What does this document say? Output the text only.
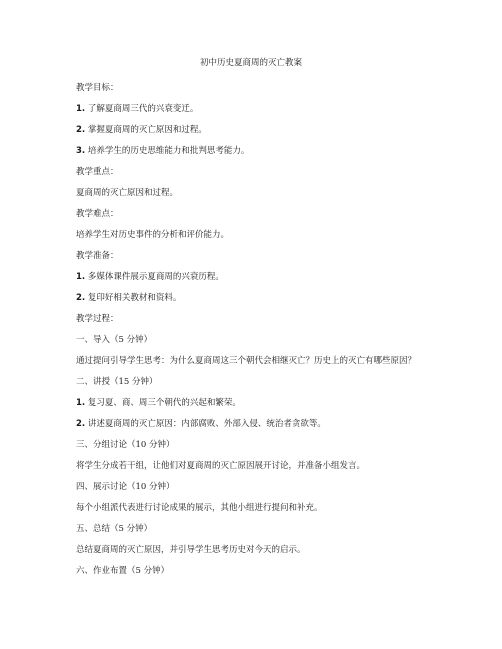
初中历史夏商周的灭亡教案
教学目标：
1. 了解夏商周三代的兴衰变迁。
2. 掌握夏商周的灭亡原因和过程。
3. 培养学生的历史思维能力和批判思考能力。
教学重点：
夏商周的灭亡原因和过程。
教学难点：
培养学生对历史事件的分析和评价能力。
教学准备：
1. 多媒体课件展示夏商周的兴衰历程。
2. 复印好相关教材和资料。
教学过程：
一、导入（5 分钟）
通过提问引导学生思考：为什么夏商周这三个朝代会相继灭亡？历史上的灭亡有哪些原因？
二、讲授（15 分钟）
1. 复习夏、商、周三个朝代的兴起和繁荣。
2. 讲述夏商周的灭亡原因：内部腐败、外部入侵、统治者贪欲等。
三、分组讨论（10 分钟）
将学生分成若干组，让他们对夏商周的灭亡原因展开讨论，并准备小组发言。
四、展示讨论（10 分钟）
每个小组派代表进行讨论成果的展示，其他小组进行提问和补充。
五、总结（5 分钟）
总结夏商周的灭亡原因，并引导学生思考历史对今天的启示。
六、作业布置（5 分钟）
